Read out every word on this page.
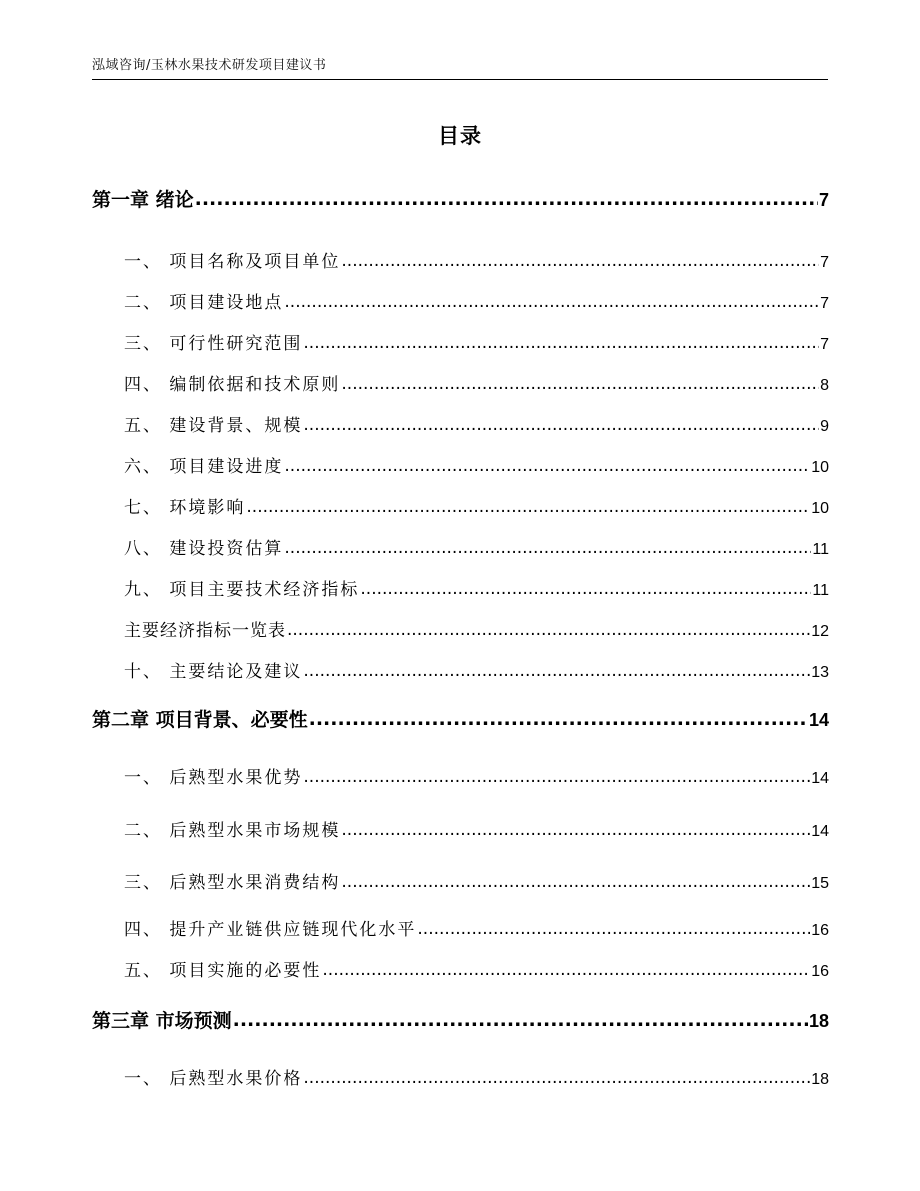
泓域咨询/玉林水果技术研发项目建议书
目录
第一章 绪论 .....	7
一、 项目名称及项目单位 .....	7
二、 项目建设地点 .....	7
三、 可行性研究范围 .....	7
四、 编制依据和技术原则 .....	8
五、 建设背景、规模 .....	9
六、 项目建设进度 .....	10
七、 环境影响 .....	10
八、 建设投资估算 .....	11
九、 项目主要技术经济指标 .....	11
主要经济指标一览表 .....	12
十、 主要结论及建议 .....	13
第二章 项目背景、必要性 .....	14
一、 后熟型水果优势 .....	14
二、 后熟型水果市场规模 .....	14
三、 后熟型水果消费结构 .....	15
四、 提升产业链供应链现代化水平 .....	16
五、 项目实施的必要性 .....	16
第三章 市场预测 .....	18
一、 后熟型水果价格 .....	18
